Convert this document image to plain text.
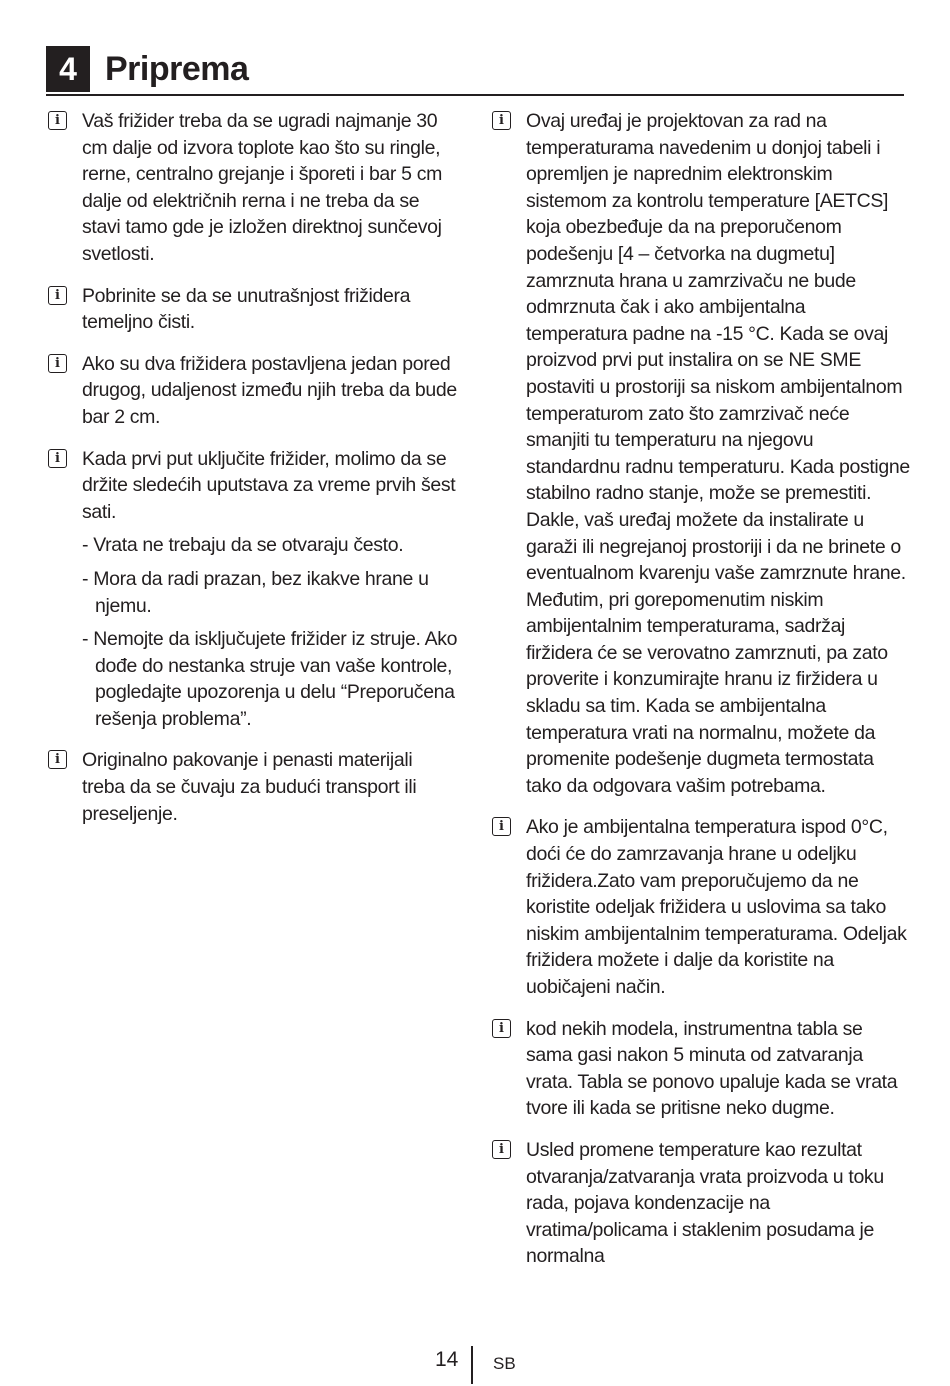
4 Priprema
i	Vaš frižider treba da se ugradi najmanje 30 cm dalje od izvora toplote kao što su ringle, rerne, centralno grejanje i šporeti i bar 5 cm dalje od električnih rerna i ne treba da se stavi tamo gde je izložen direktnoj sunčevoj svetlosti.
i	Pobrinite se da se unutrašnjost frižidera temeljno čisti.
i	Ako su dva frižidera postavljena jedan pored drugog, udaljenost između njih treba da bude bar 2 cm.
i	Kada prvi put uključite frižider, molimo da se držite sledećih uputstava za vreme prvih šest sati.
- Vrata ne trebaju da se otvaraju često.
- Mora da radi prazan, bez ikakve hrane u njemu.
- Nemojte da isključujete frižider iz struje. Ako dođe do nestanka struje van vaše kontrole, pogledajte upozorenja u delu “Preporučena rešenja problema”.
i	Originalno pakovanje i penasti materijali treba da se čuvaju za budući transport ili preseljenje.
i	Ovaj uređaj je projektovan za rad na temperaturama navedenim u donjoj tabeli i opremljen je naprednim elektronskim sistemom za kontrolu temperature [AETCS] koja obezbeđuje da na preporučenom podešenju [4 – četvorka na dugmetu] zamrznuta hrana u zamrzivaču ne bude odmrznuta čak i ako ambijentalna temperatura padne na -15 °C. Kada se ovaj proizvod prvi put instalira on se NE SME postaviti u prostoriji sa niskom ambijentalnom temperaturom zato što zamrzivač neće smanjiti tu temperaturu na njegovu standardnu radnu temperaturu. Kada postigne stabilno radno stanje, može se premestiti. Dakle, vaš uređaj možete da instalirate u garaži ili negrejanoj prostoriji i da ne brinete o eventualnom kvarenju vaše zamrznute hrane. Međutim, pri gorepomenutim niskim ambijentalnim temperaturama, sadržaj firžidera će se verovatno zamrznuti, pa zato proverite i konzumirajte hranu iz firžidera u skladu sa tim. Kada se ambijentalna temperatura vrati na normalnu, možete da promenite podešenje dugmeta termostata tako da odgovara vašim potrebama.
i	Ako je ambijentalna temperatura ispod 0°C, doći će do zamrzavanja hrane u odeljku frižidera.Zato vam preporučujemo da ne koristite odeljak frižidera u uslovima sa tako niskim ambijentalnim temperaturama. Odeljak frižidera možete i dalje da koristite na uobičajeni način.
i	kod nekih modela, instrumentna tabla se sama gasi nakon 5 minuta od zatvaranja vrata. Tabla se ponovo upaluje kada se vrata tvore ili kada se pritisne neko dugme.
i	Usled promene temperature kao rezultat otvaranja/zatvaranja vrata proizvoda u toku rada, pojava kondenzacije na vratima/policama i staklenim posudama je normalna
14 SB
